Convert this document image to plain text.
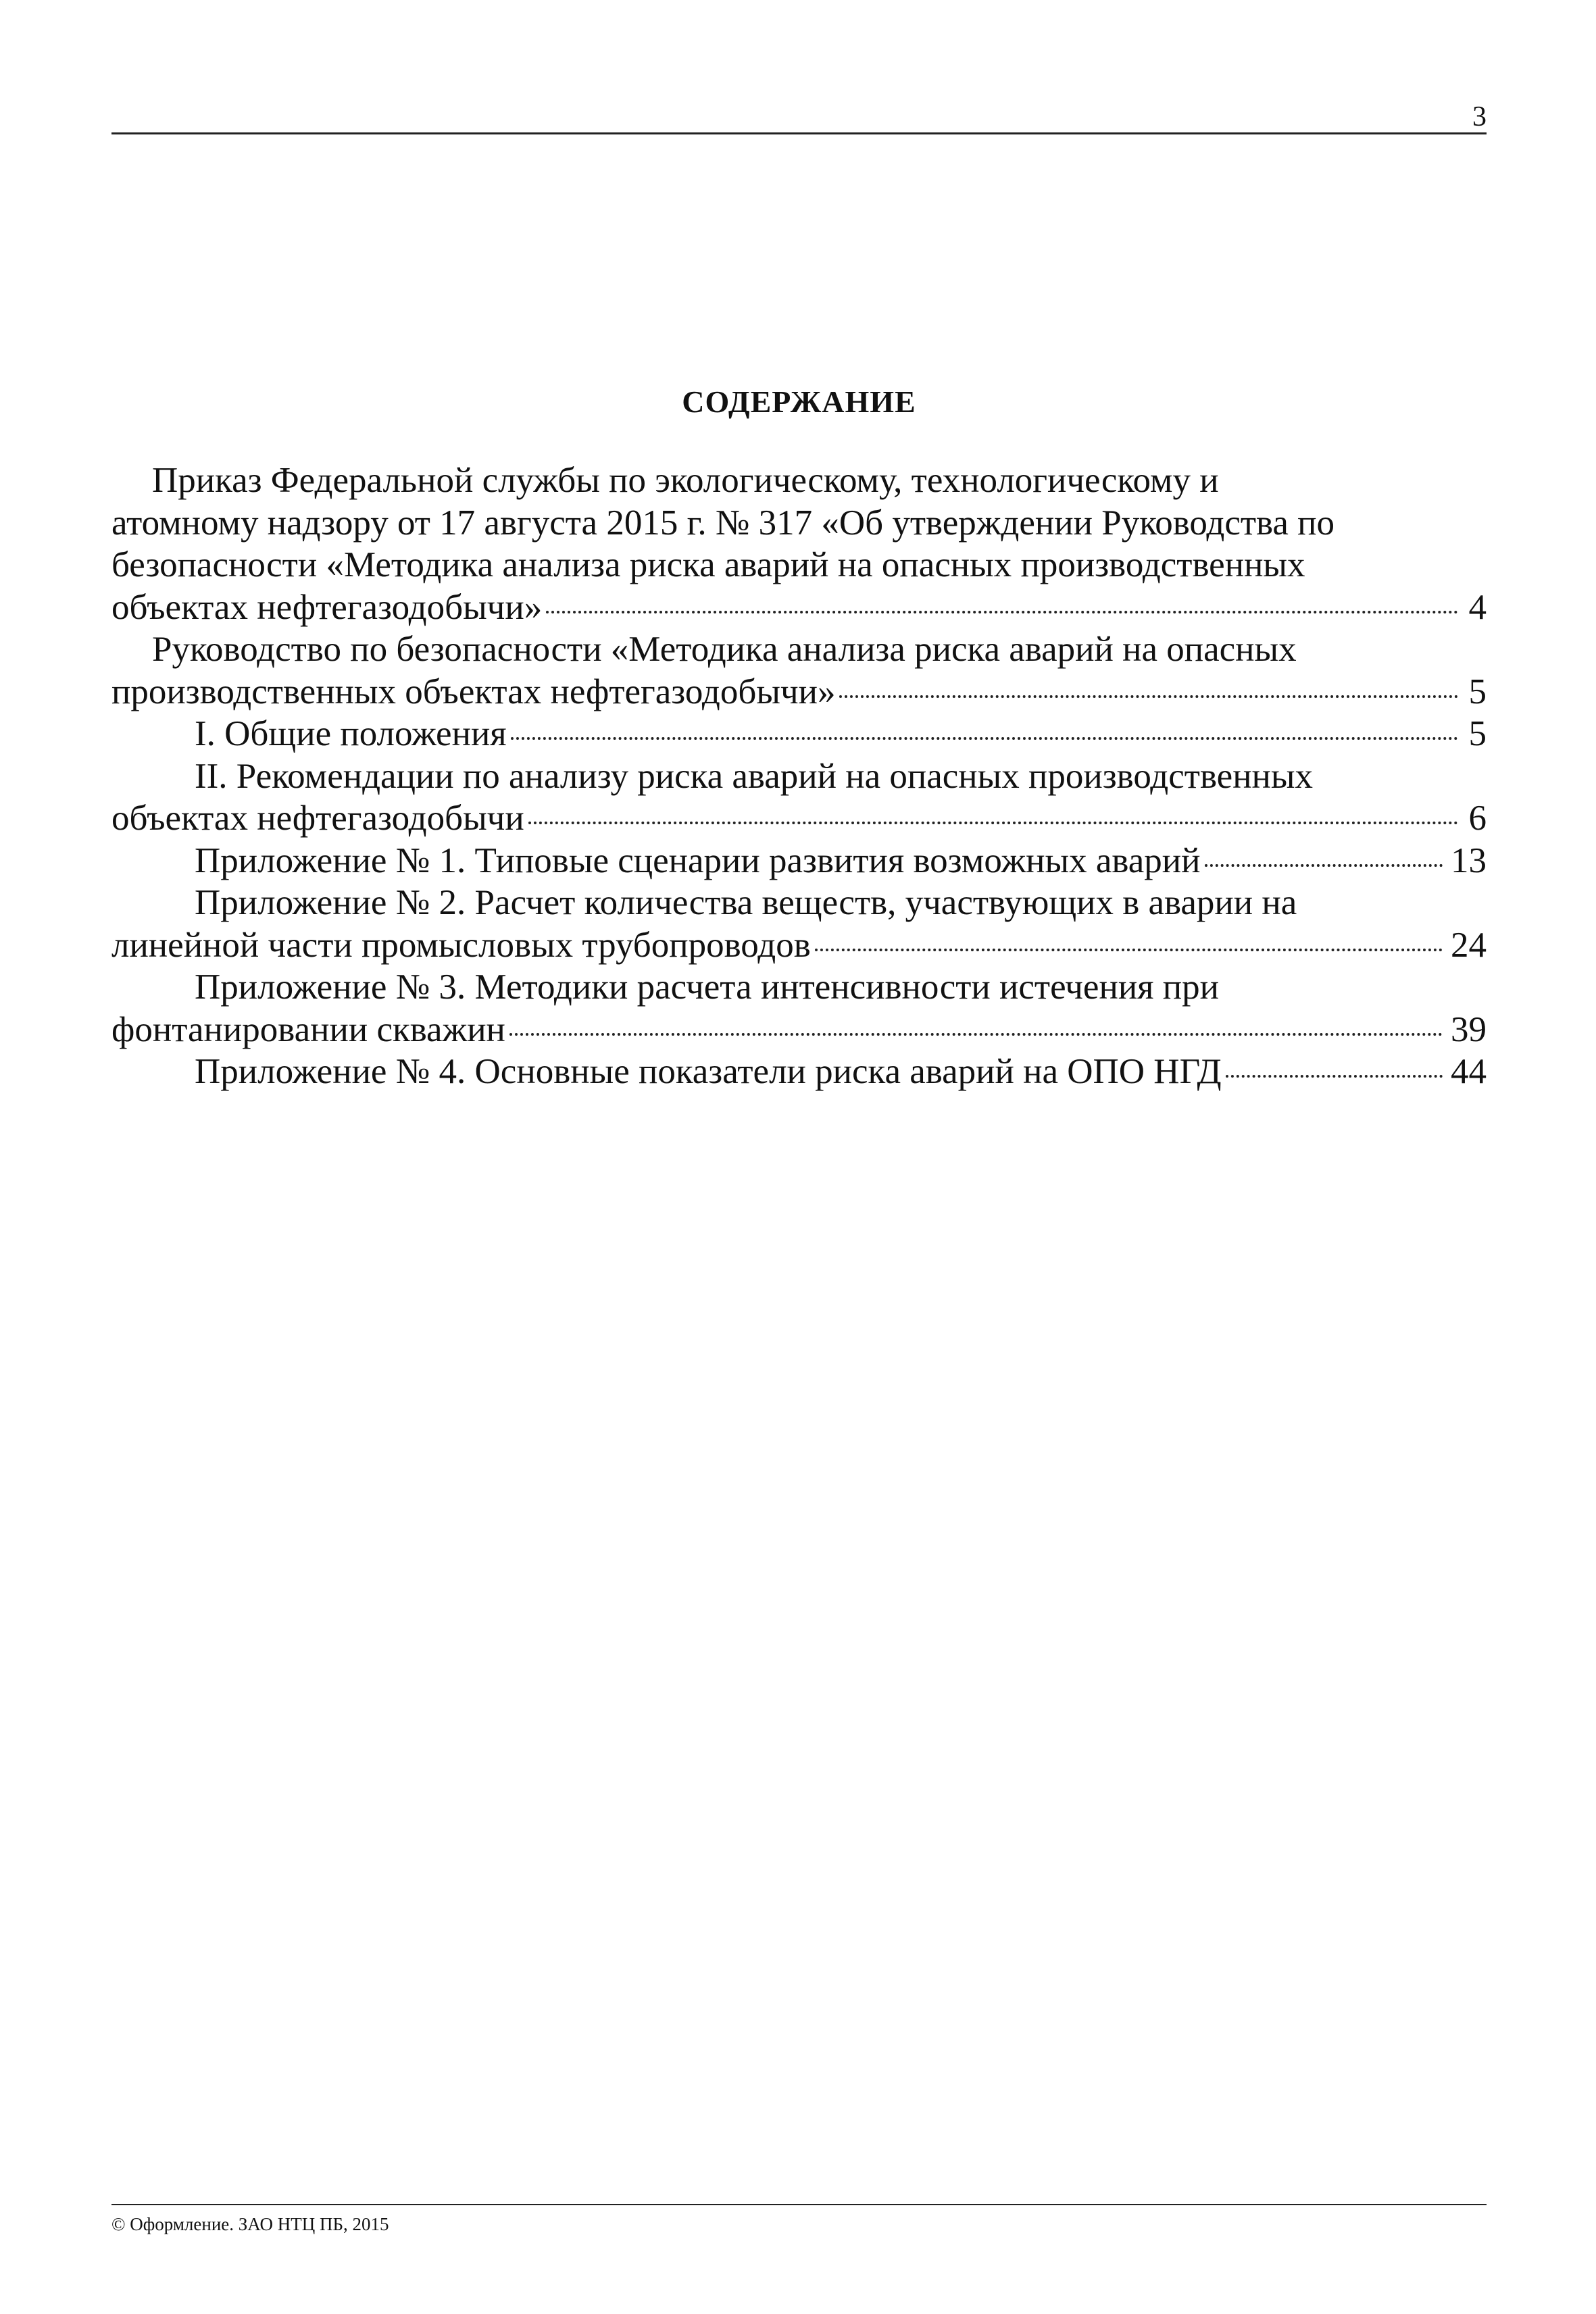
3
СОДЕРЖАНИЕ
Приказ Федеральной службы по экологическому, технологическому и
атомному надзору от 17 августа 2015 г. № 317 «Об утверждении Руководства по
безопасности «Методика анализа риска аварий на опасных производственных
объектах нефтегазодобычи»	4
Руководство по безопасности «Методика анализа риска аварий на опасных
производственных объектах нефтегазодобычи»	5
I. Общие положения	5
II. Рекомендации по анализу риска аварий на опасных производственных
объектах нефтегазодобычи	6
Приложение № 1. Типовые сценарии развития возможных аварий	13
Приложение № 2. Расчет количества веществ, участвующих в аварии на
линейной части промысловых трубопроводов	24
Приложение № 3. Методики расчета интенсивности истечения при
фонтанировании скважин	39
Приложение № 4. Основные показатели риска аварий на ОПО НГД	44
© Оформление. ЗАО НТЦ ПБ, 2015
